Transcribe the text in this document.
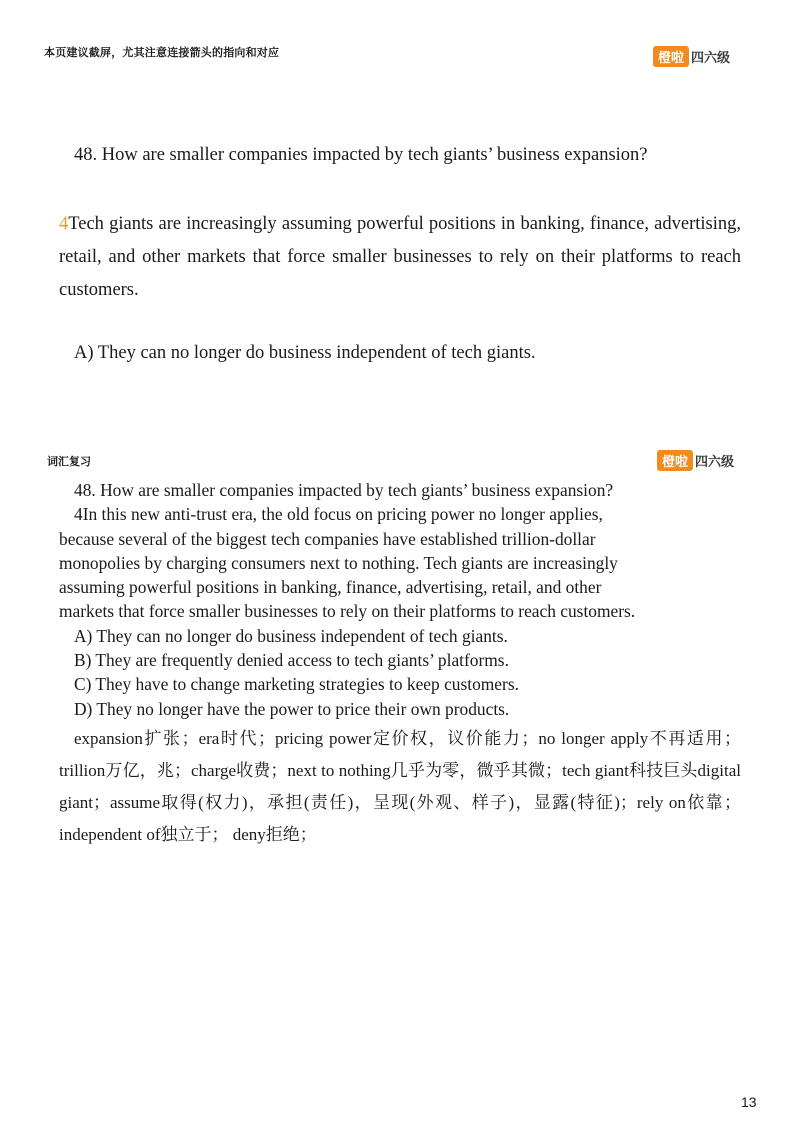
本页建议截屏，尤其注意连接箭头的指向和对应	橙啦 四六级
48. How are smaller companies impacted by tech giants’ business expansion?
4Tech giants are increasingly assuming powerful positions in banking, finance, advertising, retail, and other markets that force smaller businesses to rely on their platforms to reach customers.
A) They can no longer do business independent of tech giants.
词汇复习	橙啦 四六级

48. How are smaller companies impacted by tech giants’ business expansion?

4In this new anti-trust era, the old focus on pricing power no longer applies,

because several of the biggest tech companies have established trillion-dollar

monopolies by charging consumers next to nothing. Tech giants are increasingly

assuming powerful positions in banking, finance, advertising, retail, and other

markets that force smaller businesses to rely on their platforms to reach customers.

A) They can no longer do business independent of tech giants.

B) They are frequently denied access to tech giants’ platforms.

C) They have to change marketing strategies to keep customers.

D) They no longer have the power to price their own products.

expansion扩张；era时代；pricing power定价权，议价能力；no longer apply不再适用；trillion万亿，兆；charge收费；next to nothing几乎为零，微乎其微；tech giant科技巨头digital giant；assume取得(权力)，承担(责任)，呈现(外观、样子)，显露(特征)；rely on依靠；independent of独立于； deny拒绝；
13
